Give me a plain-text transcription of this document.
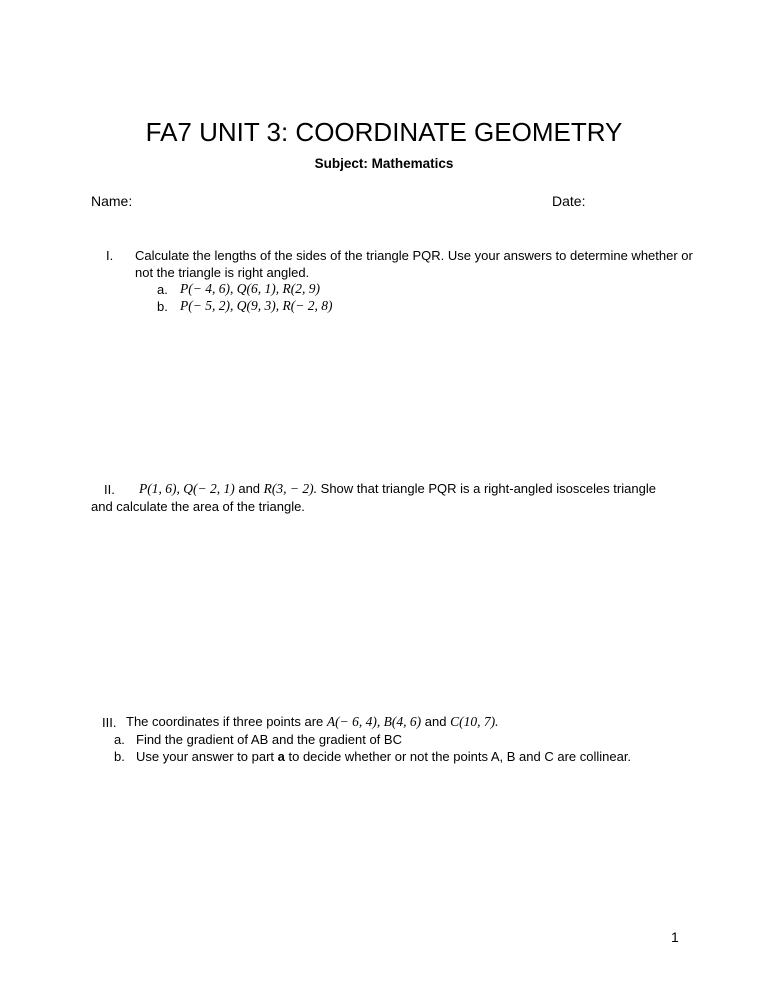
FA7 UNIT 3: COORDINATE GEOMETRY
Subject: Mathematics
Name:	Date:
I. Calculate the lengths of the sides of the triangle PQR. Use your answers to determine whether or
not the triangle is right angled.
a. P(− 4, 6), Q(6, 1), R(2, 9)
b. P(− 5, 2), Q(9, 3), R(− 2, 8)
II. P(1, 6), Q(− 2, 1) and R(3, − 2). Show that triangle PQR is a right-angled isosceles triangle
and calculate the area of the triangle.
III. The coordinates if three points are A(− 6, 4), B(4, 6) and C(10, 7).
a. Find the gradient of AB and the gradient of BC
b. Use your answer to part a to decide whether or not the points A, B and C are collinear.
1
